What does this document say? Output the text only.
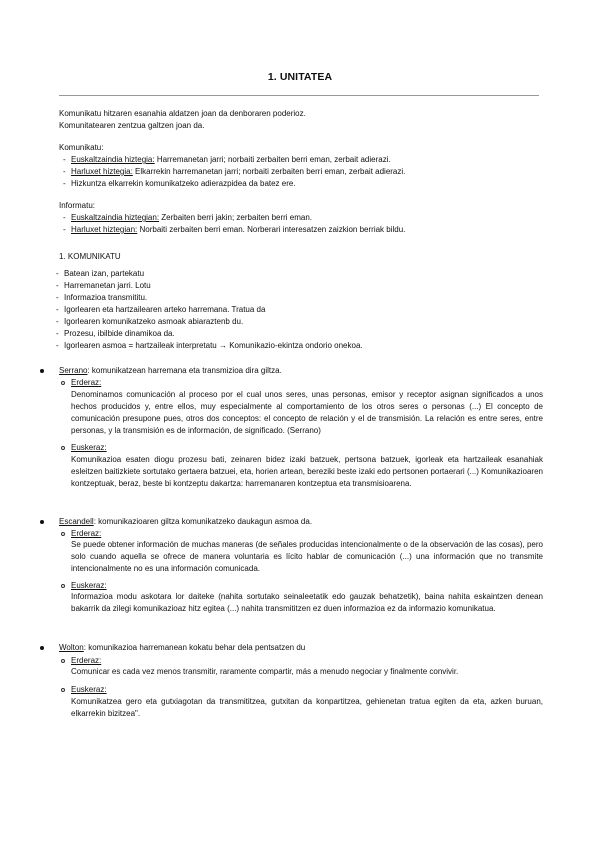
1. UNITATEA
Komunikatu hitzaren esanahia aldatzen joan da denboraren poderioz.
Komunitatearen zentzua galtzen joan da.
Komunikatu:
- Euskaltzaindia hiztegia: Harremanetan jarri; norbaiti zerbaiten berri eman, zerbait adierazi.
- Harluxet hiztegia: Elkarrekin harremanetan jarri; norbaiti zerbaiten berri eman, zerbait adierazi.
- Hizkuntza elkarrekin komunikatzeko adierazpidea da batez ere.
Informatu:
- Euskaltzaindia hiztegian: Zerbaiten berri jakin; zerbaiten berri eman.
- Harluxet hiztegian: Norbaiti zerbaiten berri eman. Norberari interesatzen zaizkion berriak bildu.
1. KOMUNIKATU
- Batean izan, partekatu
- Harremanetan jarri. Lotu
- Informazioa transmititu.
- Igorlearen eta hartzailearen arteko harremana. Tratua da
- Igorlearen komunikatzeko asmoak abiaraztenb du.
- Prozesu, ibilbide dinamikoa da.
- Igorlearen asmoa = hartzaileak interpretatu → Komunikazio-ekintza ondorio onekoa.
Serrano: komunikatzean harremana eta transmizioa dira giltza.
Erderaz:
Denominamos comunicación al proceso por el cual unos seres, unas personas, emisor y receptor asignan significados a unos hechos producidos y, entre ellos, muy especialmente al comportamiento de los otros seres o personas (...) El concepto de comunicación presupone pues, otros dos conceptos: el concepto de relación y el de transmisión. La relación es entre seres, entre personas, y la transmisión es de información, de significado. (Serrano)
Euskeraz:
Komunikazioa esaten diogu prozesu bati, zeinaren bidez izaki batzuek, pertsona batzuek, igorleak eta hartzaileak esanahiak esleitzen baitizkiete sortutako gertaera batzuei, eta, horien artean, bereziki beste izaki edo pertsonen portaerari (...) Komunikazioaren kontzeptuak, beraz, beste bi kontzeptu dakartza: harremanaren kontzeptua eta transmisioarena.
Escandell: komunikazioaren giltza komunikatzeko daukagun asmoa da.
Erderaz:
Se puede obtener información de muchas maneras (de señales producidas intencionalmente o de la observación de las cosas), pero solo cuando aquella se ofrece de manera voluntaria es lícito hablar de comunicación (...) una información que no transmite intencionalmente no es una información comunicada.
Euskeraz:
Informazioa modu askotara lor daiteke (nahita sortutako seinaleetatik edo gauzak behatzetik), baina nahita eskaintzen denean bakarrik da zilegi komunikazioaz hitz egitea (...) nahita transmititzen ez duen informazioa ez da informazio komunikatua.
Wolton: komunikazioa harremanean kokatu behar dela pentsatzen du
Erderaz:
Comunicar es cada vez menos transmitir, raramente compartir, más a menudo negociar y finalmente convivir.
Euskeraz:
Komunikatzea gero eta gutxiagotan da transmititzea, gutxitan da konpartitzea, gehienetan tratua egiten da eta, azken buruan, elkarrekin bizitzea".
